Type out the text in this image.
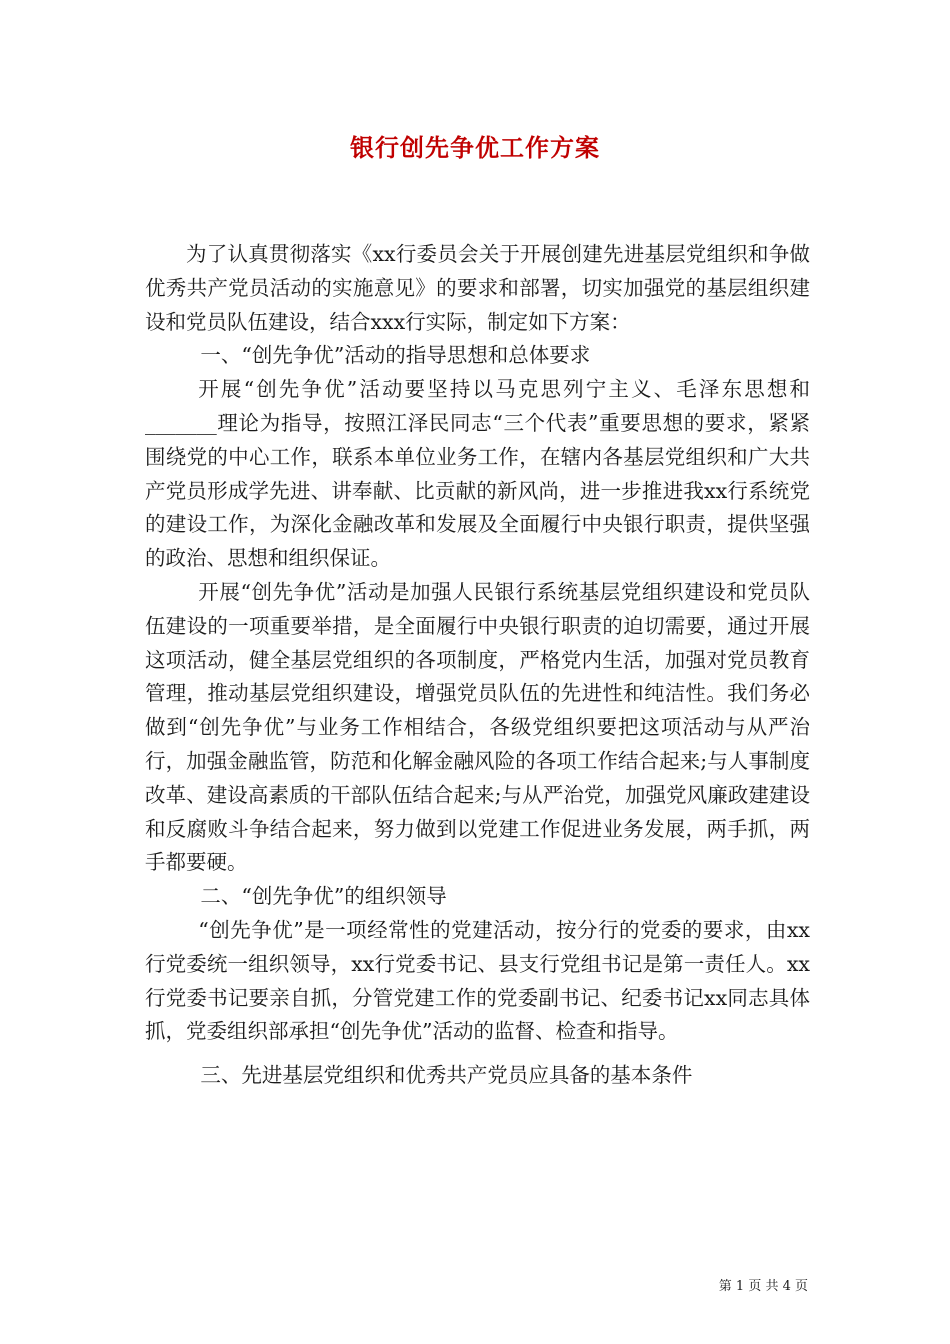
银行创先争优工作方案

为了认真贯彻落实《xx行委员会关于开展创建先进基层党组织和争做优秀共产党员活动的实施意见》的要求和部署，切实加强党的基层组织建设和党员队伍建设，结合xxx行实际，制定如下方案：

一、“创先争优”活动的指导思想和总体要求

开展“创先争优”活动要坚持以马克思列宁主义、毛泽东思想和_______理论为指导，按照江泽民同志“三个代表”重要思想的要求，紧紧围绕党的中心工作，联系本单位业务工作，在辖内各基层党组织和广大共产党员形成学先进、讲奉献、比贡献的新风尚，进一步推进我xx行系统党的建设工作，为深化金融改革和发展及全面履行中央银行职责，提供坚强的政治、思想和组织保证。

开展“创先争优”活动是加强人民银行系统基层党组织建设和党员队伍建设的一项重要举措，是全面履行中央银行职责的迫切需要，通过开展这项活动，健全基层党组织的各项制度，严格党内生活，加强对党员教育管理，推动基层党组织建设，增强党员队伍的先进性和纯洁性。我们务必做到“创先争优”与业务工作相结合，各级党组织要把这项活动与从严治行，加强金融监管，防范和化解金融风险的各项工作结合起来;与人事制度改革、建设高素质的干部队伍结合起来;与从严治党，加强党风廉政建建设和反腐败斗争结合起来，努力做到以党建工作促进业务发展，两手抓，两手都要硬。

二、“创先争优”的组织领导

“创先争优”是一项经常性的党建活动，按分行的党委的要求，由xx行党委统一组织领导，xx行党委书记、县支行党组书记是第一责任人。xx行党委书记要亲自抓，分管党建工作的党委副书记、纪委书记xx同志具体抓，党委组织部承担“创先争优”活动的监督、检查和指导。

三、先进基层党组织和优秀共产党员应具备的基本条件

第 1 页 共 4 页
